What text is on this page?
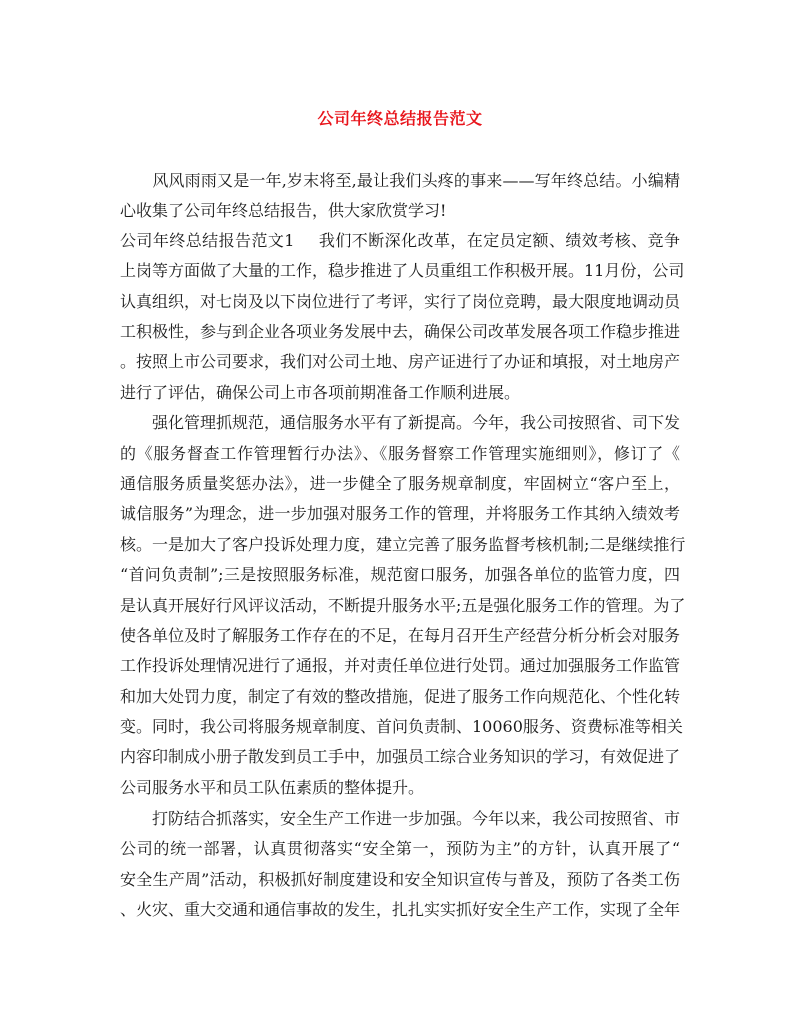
公司年终总结报告范文
　　风风雨雨又是一年,岁末将至,最让我们头疼的事来——写年终总结。小编精
心收集了公司年终总结报告，供大家欣赏学习!
公司年终总结报告范文1 我们不断深化改革，在定员定额、绩效考核、竞争
上岗等方面做了大量的工作，稳步推进了人员重组工作积极开展。11月份，公司
认真组织，对七岗及以下岗位进行了考评，实行了岗位竞聘，最大限度地调动员
工积极性，参与到企业各项业务发展中去，确保公司改革发展各项工作稳步推进
。按照上市公司要求，我们对公司土地、房产证进行了办证和填报，对土地房产
进行了评估，确保公司上市各项前期准备工作顺利进展。
　　强化管理抓规范，通信服务水平有了新提高。今年，我公司按照省、司下发
的《服务督查工作管理暂行办法》、《服务督察工作管理实施细则》，修订了《
通信服务质量奖惩办法》，进一步健全了服务规章制度，牢固树立“客户至上，
诚信服务”为理念，进一步加强对服务工作的管理，并将服务工作其纳入绩效考
核。一是加大了客户投诉处理力度，建立完善了服务监督考核机制;二是继续推行
“首问负责制”;三是按照服务标准，规范窗口服务，加强各单位的监管力度，四
是认真开展好行风评议活动，不断提升服务水平;五是强化服务工作的管理。为了
使各单位及时了解服务工作存在的不足，在每月召开生产经营分析分析会对服务
工作投诉处理情况进行了通报，并对责任单位进行处罚。通过加强服务工作监管
和加大处罚力度，制定了有效的整改措施，促进了服务工作向规范化、个性化转
变。同时，我公司将服务规章制度、首问负责制、10060服务、资费标准等相关
内容印制成小册子散发到员工手中，加强员工综合业务知识的学习，有效促进了
公司服务水平和员工队伍素质的整体提升。
　　打防结合抓落实，安全生产工作进一步加强。今年以来，我公司按照省、市
公司的统一部署，认真贯彻落实“安全第一，预防为主”的方针，认真开展了“
安全生产周”活动，积极抓好制度建设和安全知识宣传与普及，预防了各类工伤
、火灾、重大交通和通信事故的发生，扎扎实实抓好安全生产工作，实现了全年
